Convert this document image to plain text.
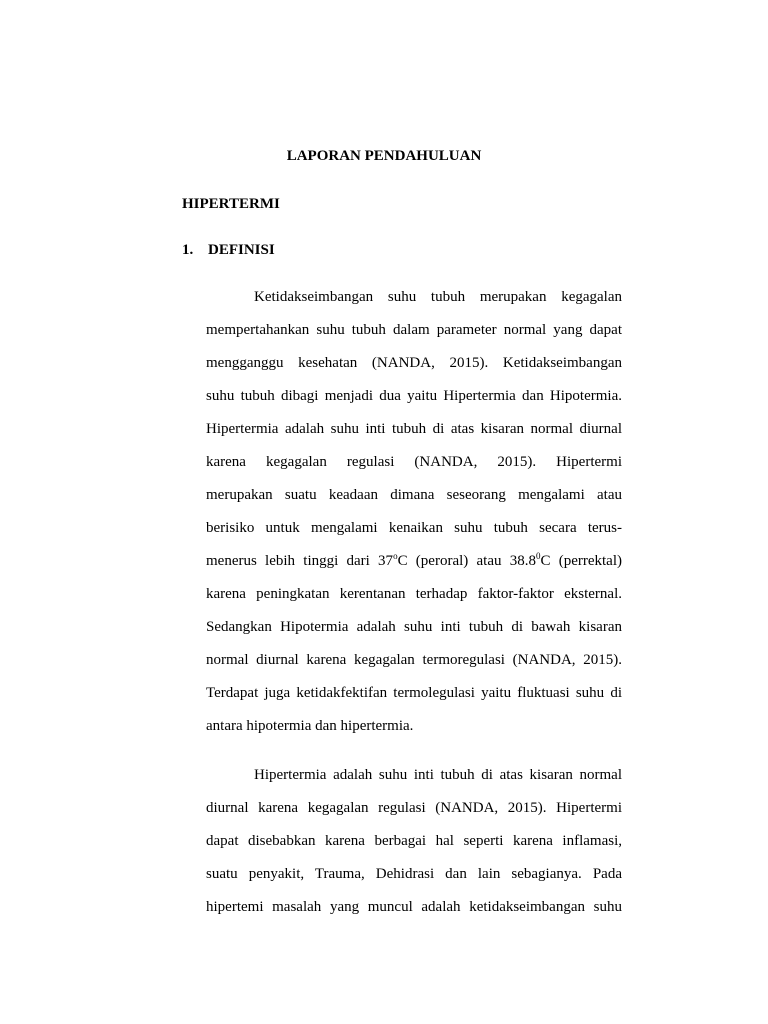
LAPORAN PENDAHULUAN
HIPERTERMI
1. DEFINISI
Ketidakseimbangan suhu tubuh merupakan kegagalan
mempertahankan suhu tubuh dalam parameter normal yang dapat
mengganggu kesehatan (NANDA, 2015). Ketidakseimbangan
suhu tubuh dibagi menjadi dua yaitu Hipertermia dan Hipotermia.
Hipertermia adalah suhu inti tubuh di atas kisaran normal diurnal
karena kegagalan regulasi (NANDA, 2015). Hipertermi
merupakan suatu keadaan dimana seseorang mengalami atau
berisiko untuk mengalami kenaikan suhu tubuh secara terus-
menerus lebih tinggi dari 37$^o$C (peroral) atau 38.8$^0$C (perrektal)
karena peningkatan kerentanan terhadap faktor-faktor eksternal.
Sedangkan Hipotermia adalah suhu inti tubuh di bawah kisaran
normal diurnal karena kegagalan termoregulasi (NANDA, 2015).
Terdapat juga ketidakfektifan termolegulasi yaitu fluktuasi suhu di
antara hipotermia dan hipertermia.
Hipertermia adalah suhu inti tubuh di atas kisaran normal
diurnal karena kegagalan regulasi (NANDA, 2015). Hipertermi
dapat disebabkan karena berbagai hal seperti karena inflamasi,
suatu penyakit, Trauma, Dehidrasi dan lain sebagianya. Pada
hipertemi masalah yang muncul adalah ketidakseimbangan suhu
